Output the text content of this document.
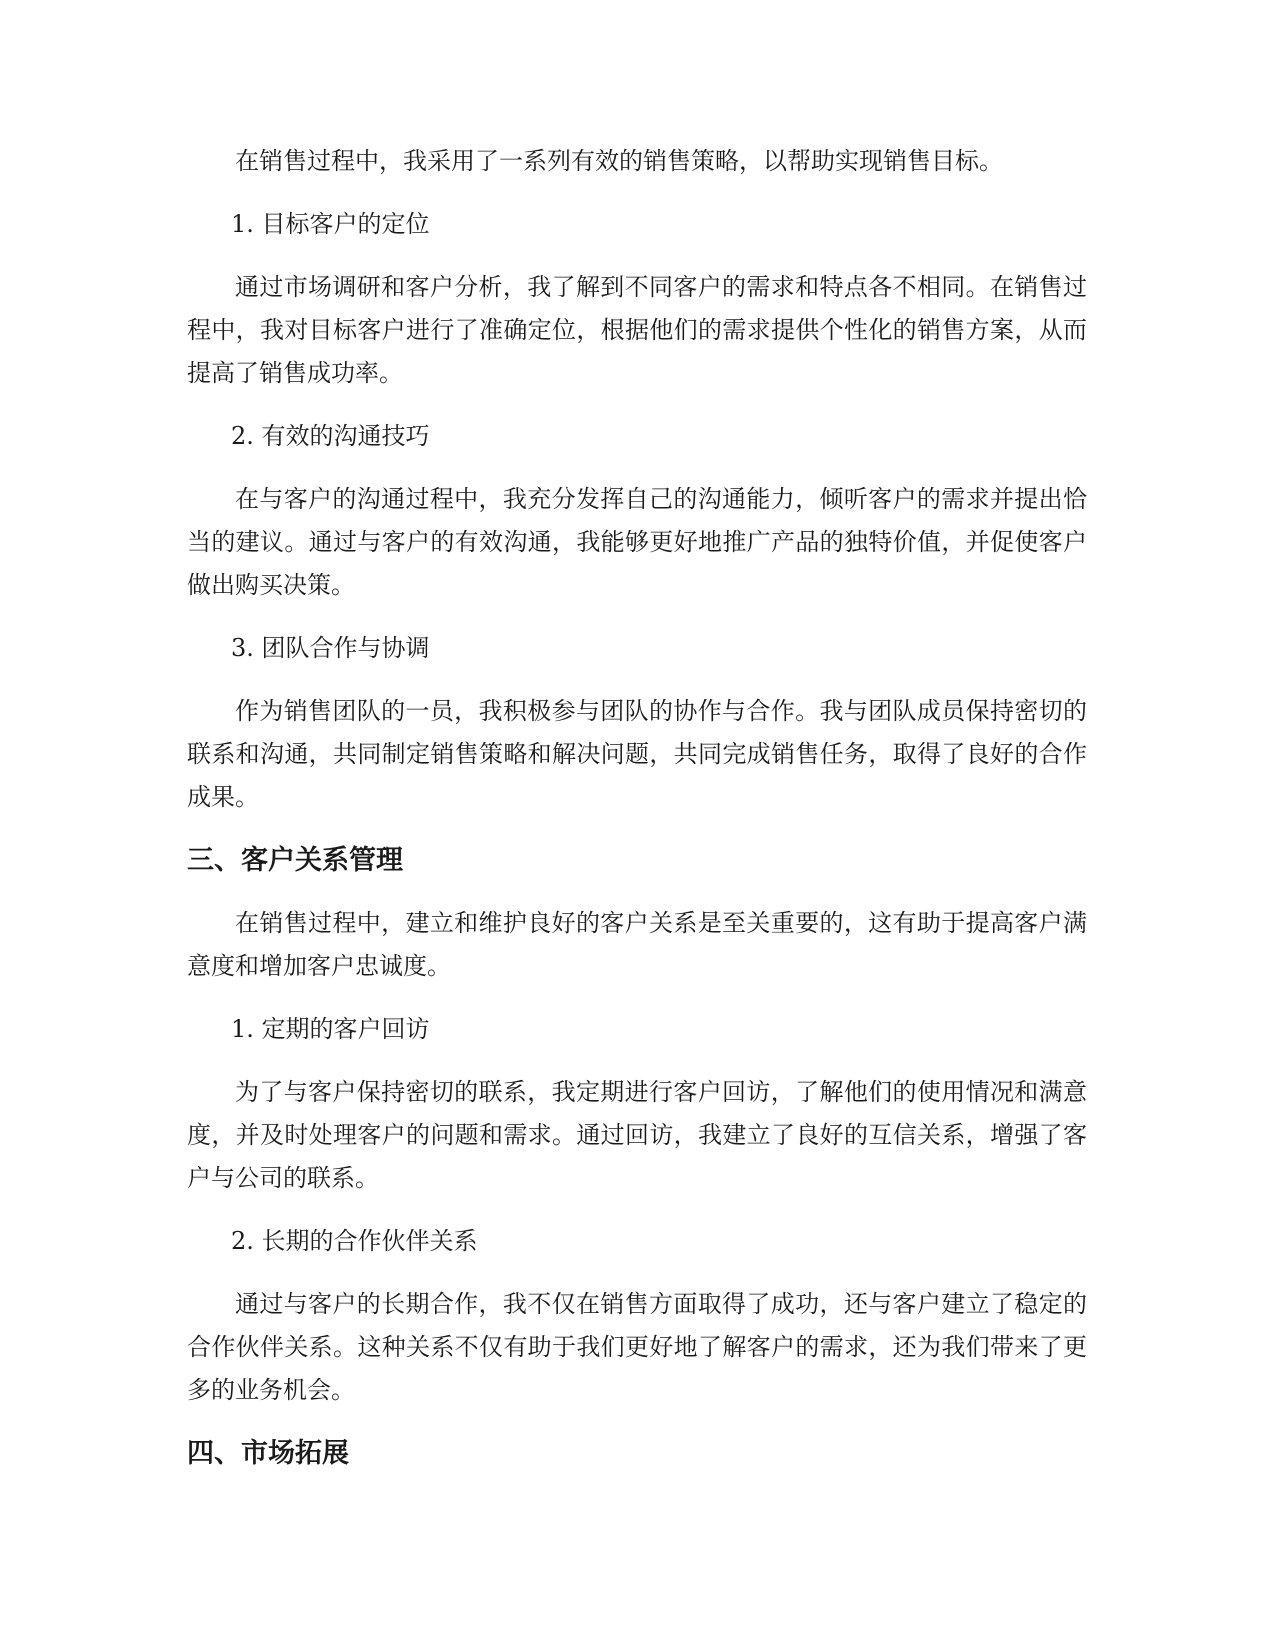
在销售过程中，我采用了一系列有效的销售策略，以帮助实现销售目标。

1. 目标客户的定位

通过市场调研和客户分析，我了解到不同客户的需求和特点各不相同。在销售过程中，我对目标客户进行了准确定位，根据他们的需求提供个性化的销售方案，从而提高了销售成功率。

2. 有效的沟通技巧

在与客户的沟通过程中，我充分发挥自己的沟通能力，倾听客户的需求并提出恰当的建议。通过与客户的有效沟通，我能够更好地推广产品的独特价值，并促使客户做出购买决策。

3. 团队合作与协调

作为销售团队的一员，我积极参与团队的协作与合作。我与团队成员保持密切的联系和沟通，共同制定销售策略和解决问题，共同完成销售任务，取得了良好的合作成果。

三、客户关系管理

在销售过程中，建立和维护良好的客户关系是至关重要的，这有助于提高客户满意度和增加客户忠诚度。

1. 定期的客户回访

为了与客户保持密切的联系，我定期进行客户回访，了解他们的使用情况和满意度，并及时处理客户的问题和需求。通过回访，我建立了良好的互信关系，增强了客户与公司的联系。

2. 长期的合作伙伴关系

通过与客户的长期合作，我不仅在销售方面取得了成功，还与客户建立了稳定的合作伙伴关系。这种关系不仅有助于我们更好地了解客户的需求，还为我们带来了更多的业务机会。

四、市场拓展
